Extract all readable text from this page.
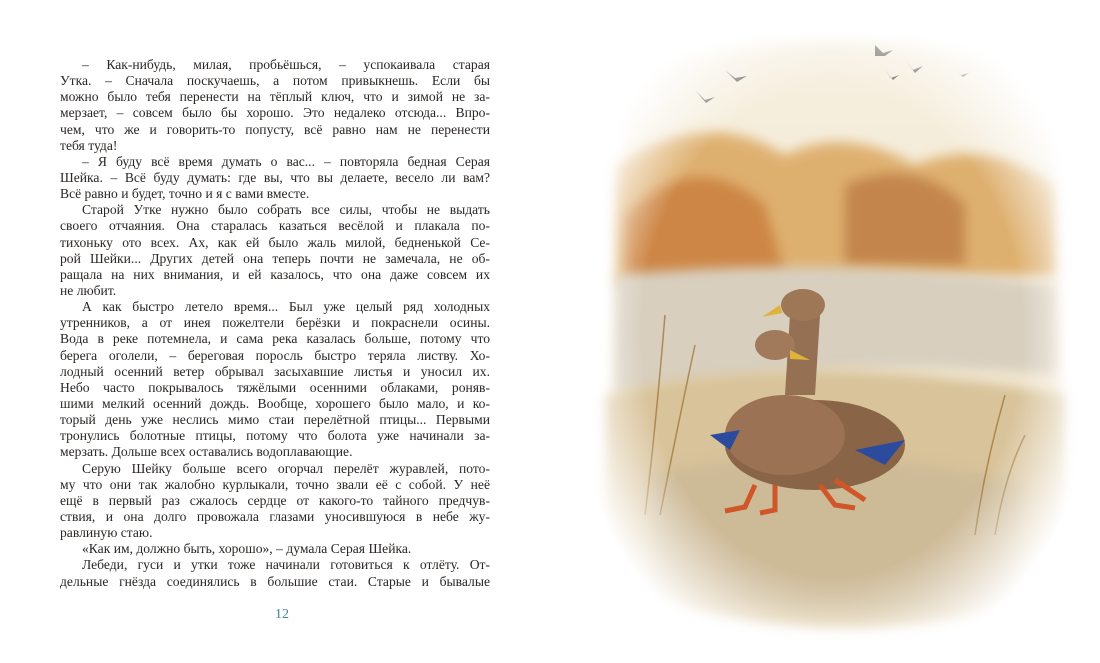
– Как-нибудь, милая, пробьёшься, – успокаивала старая
Утка. – Сначала поскучаешь, а потом привыкнешь. Если бы
можно было тебя перенести на тёплый ключ, что и зимой не за-
мерзает, – совсем было бы хорошо. Это недалеко отсюда... Впро-
чем, что же и говорить-то попусту, всё равно нам не перенести
тебя туда!
– Я буду всё время думать о вас... – повторяла бедная Серая
Шейка. – Всё буду думать: где вы, что вы делаете, весело ли вам?
Всё равно и будет, точно и я с вами вместе.
Старой Утке нужно было собрать все силы, чтобы не выдать
своего отчаяния. Она старалась казаться весёлой и плакала по-
тихоньку ото всех. Ах, как ей было жаль милой, бедненькой Се-
рой Шейки... Других детей она теперь почти не замечала, не об-
ращала на них внимания, и ей казалось, что она даже совсем их
не любит.
А как быстро летело время... Был уже целый ряд холодных
утренников, а от инея пожелтели берёзки и покраснели осины.
Вода в реке потемнела, и сама река казалась больше, потому что
берега оголели, – береговая поросль быстро теряла листву. Хо-
лодный осенний ветер обрывал засыхавшие листья и уносил их.
Небо часто покрывалось тяжёлыми осенними облаками, роняв-
шими мелкий осенний дождь. Вообще, хорошего было мало, и ко-
торый день уже неслись мимо стаи перелётной птицы... Первыми
тронулись болотные птицы, потому что болота уже начинали за-
мерзать. Дольше всех оставались водоплавающие.
Серую Шейку больше всего огорчал перелёт журавлей, пото-
му что они так жалобно курлыкали, точно звали её с собой. У неё
ещё в первый раз сжалось сердце от какого-то тайного предчув-
ствия, и она долго провожала глазами уносившуюся в небе жу-
равлиную стаю.
«Как им, должно быть, хорошо», – думала Серая Шейка.
Лебеди, гуси и утки тоже начинали готовиться к отлёту. От-
дельные гнёзда соединялись в большие стаи. Старые и бывалые
12
